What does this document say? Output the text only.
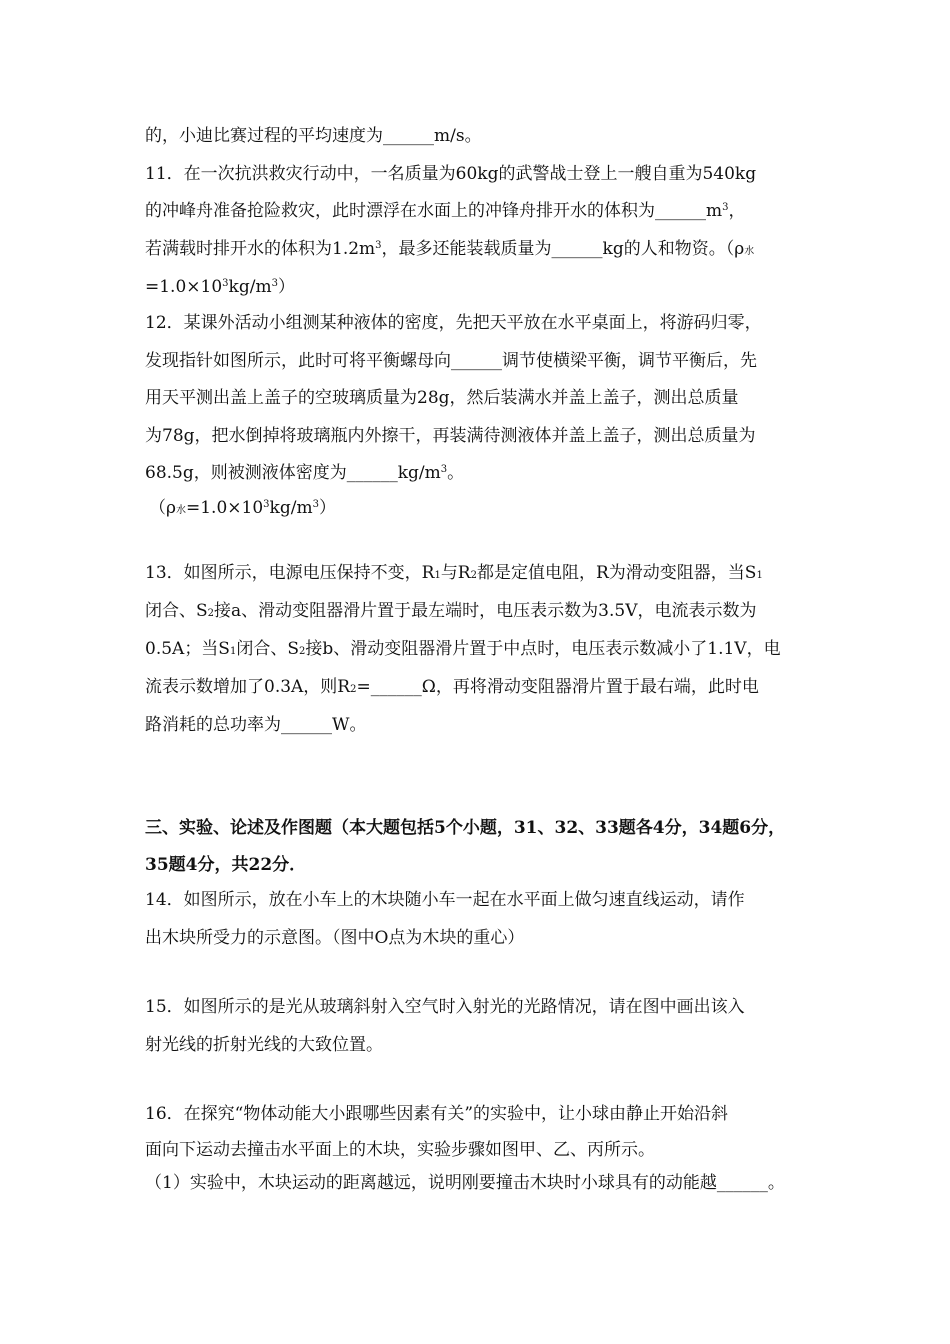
的，小迪比赛过程的平均速度为______m/s。
11．在一次抗洪救灾行动中，一名质量为60kg的武警战士登上一艘自重为540kg
的冲峰舟准备抢险救灾，此时漂浮在水面上的冲锋舟排开水的体积为$\_\_\_\_\_\_m^3$，
若满载时排开水的体积为$1.2m^3$，最多还能装载质量为______kg的人和物资。（ρ水
$=1.0\times 10^3kg/m^3$）
12．某课外活动小组测某种液体的密度，先把天平放在水平桌面上，将游码归零，
发现指针如图所示，此时可将平衡螺母向______调节使横梁平衡，调节平衡后，先
用天平测出盖上盖子的空玻璃质量为28g，然后装满水并盖上盖子，测出总质量
为78g，把水倒掉将玻璃瓶内外擦干，再装满待测液体并盖上盖子，测出总质量为
68.5g，则被测液体密度为$\_\_\_\_\_\_kg/m^3$。
（ρ水$=1.0\times 10^3kg/m^3$）
13．如图所示，电源电压保持不变，$R_1$与$R_2$都是定值电阻，R为滑动变阻器，当$S_1$
闭合、$S_2$接a、滑动变阻器滑片置于最左端时，电压表示数为3.5V，电流表示数为
0.5A；当$S_1$闭合、$S_2$接b、滑动变阻器滑片置于中点时，电压表示数减小了1.1V，电
流表示数增加了0.3A，则$R_2=\_\_\_\_\_\_\Omega$，再将滑动变阻器滑片置于最右端，此时电
路消耗的总功率为______W。
三、实验、论述及作图题（本大题包括5个小题，31、32、33题各4分，34题6分，
35题4分，共22分．
14．如图所示，放在小车上的木块随小车一起在水平面上做匀速直线运动，请作
出木块所受力的示意图。（图中O点为木块的重心）
15．如图所示的是光从玻璃斜射入空气时入射光的光路情况，请在图中画出该入
射光线的折射光线的大致位置。
16．在探究“物体动能大小跟哪些因素有关”的实验中，让小球由静止开始沿斜
面向下运动去撞击水平面上的木块，实验步骤如图甲、乙、丙所示。
（1）实验中，木块运动的距离越远，说明刚要撞击木块时小球具有的动能越______。
